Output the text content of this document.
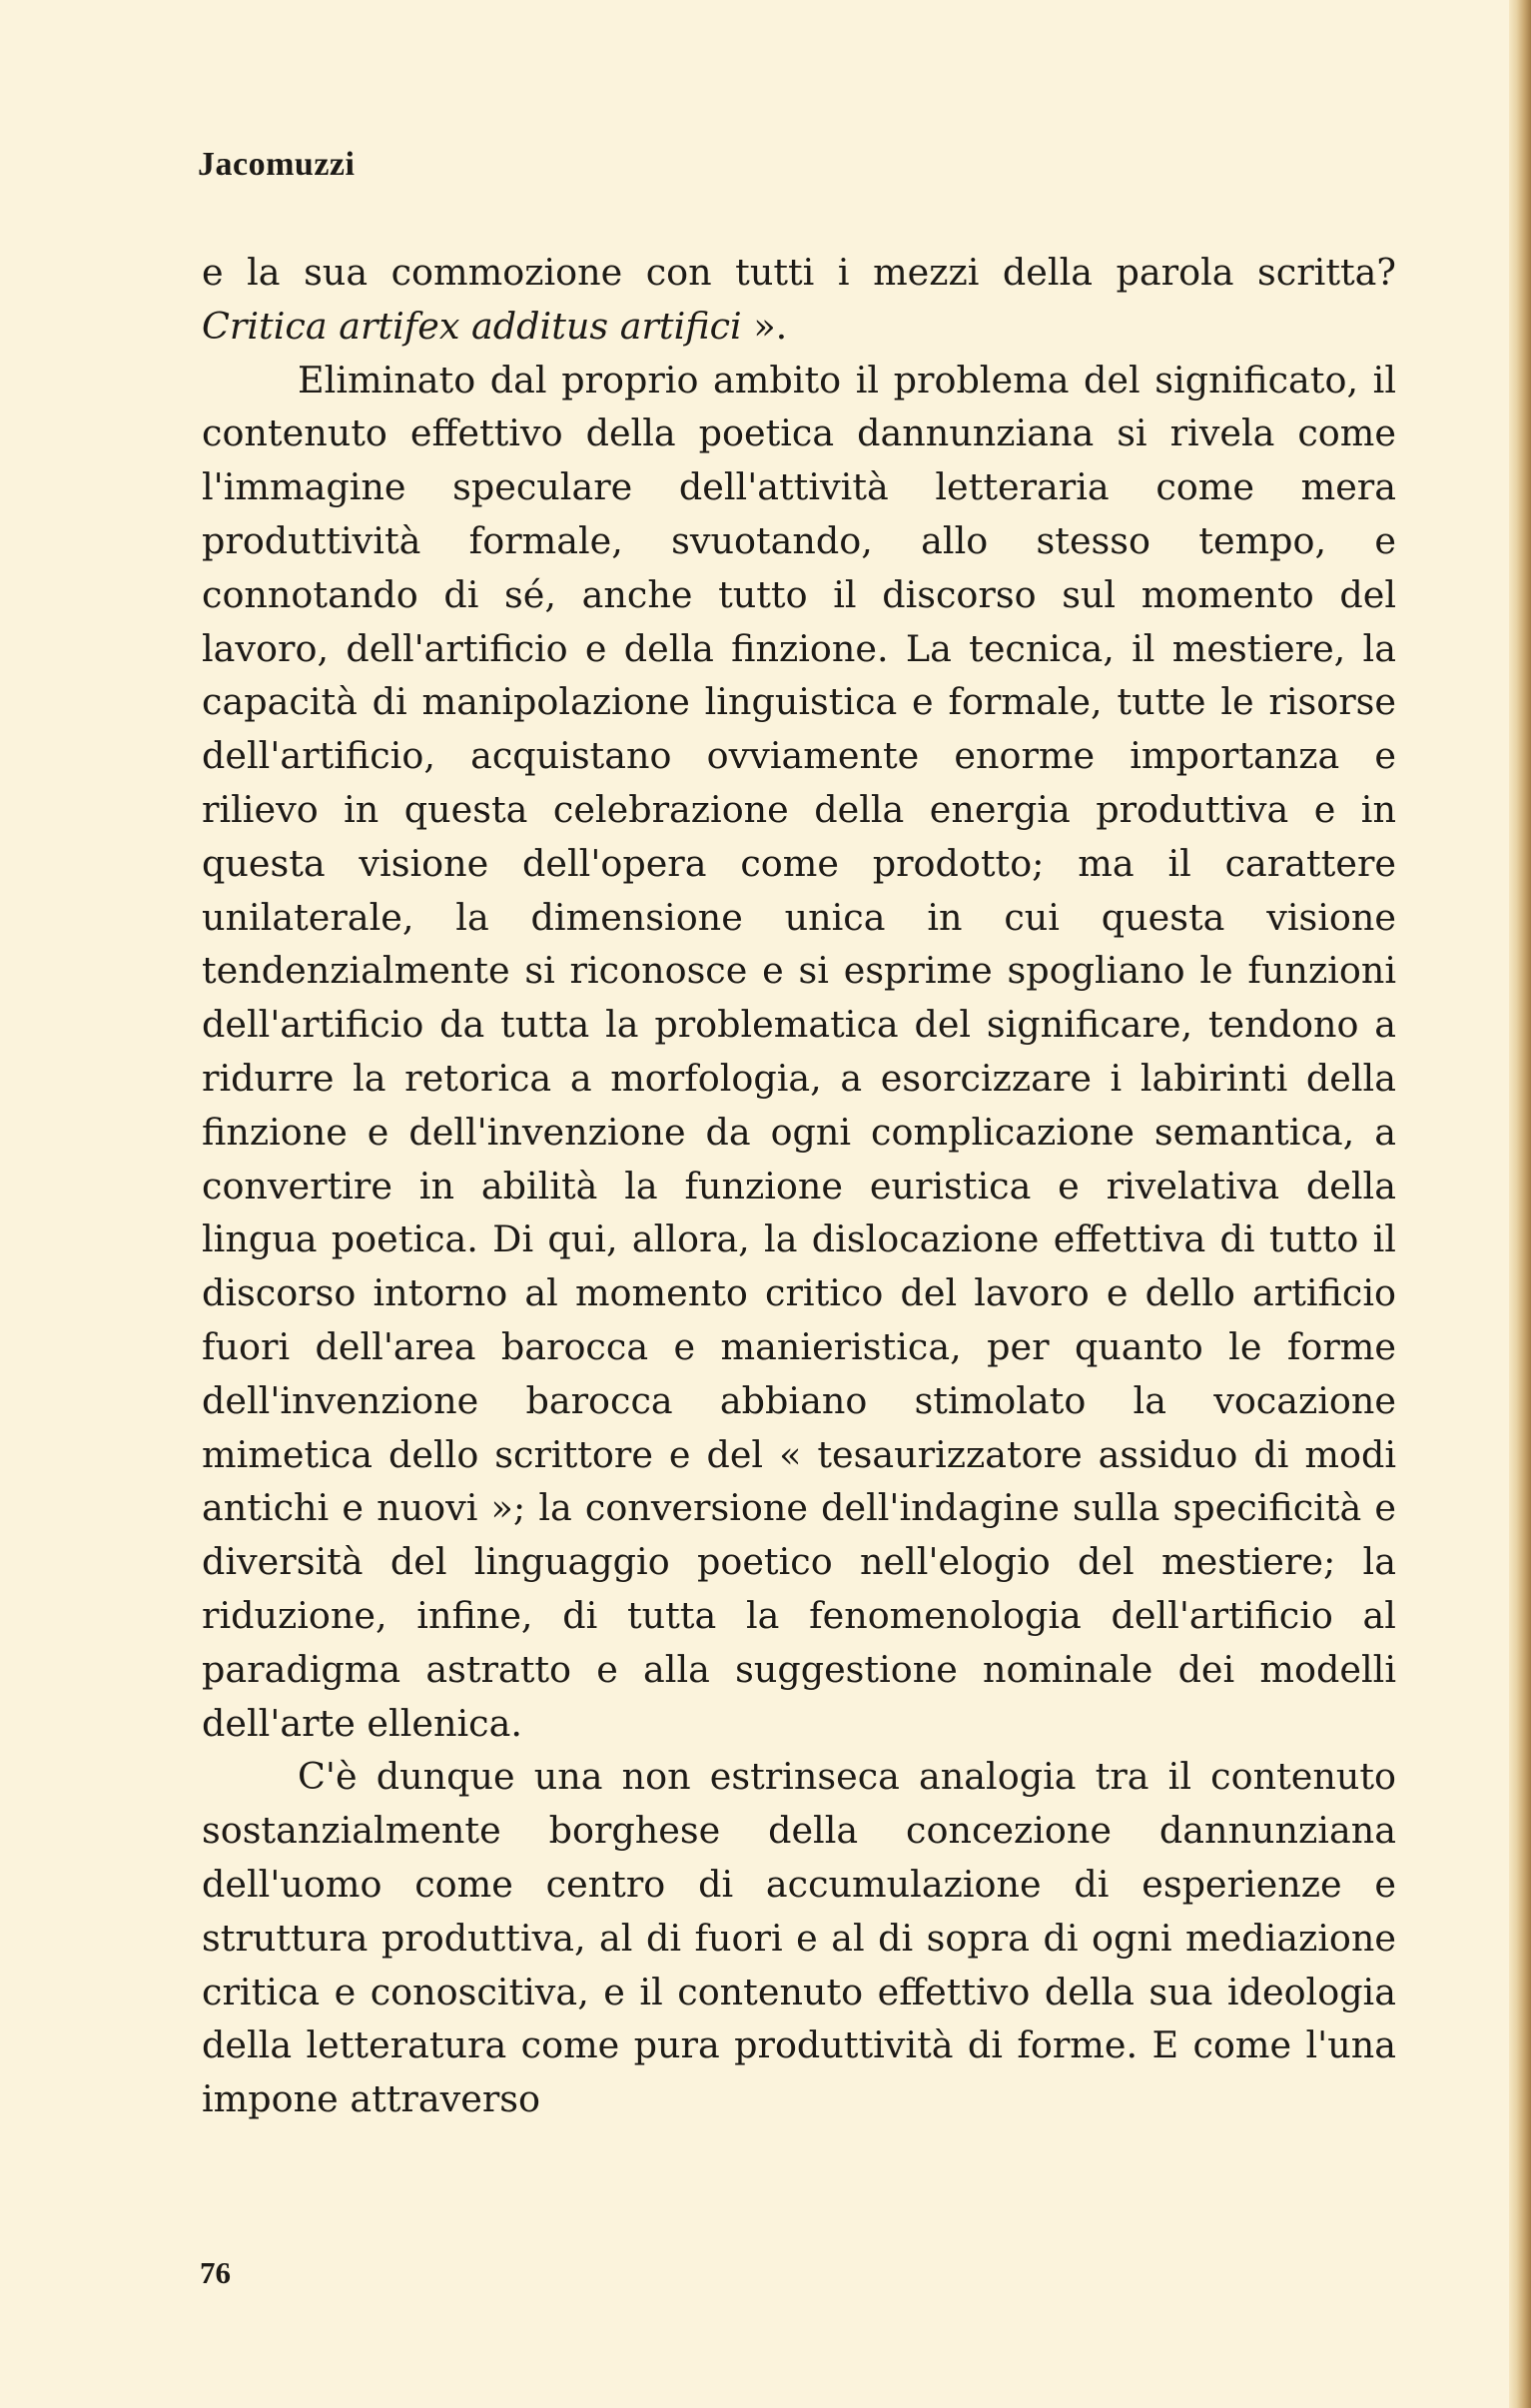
Jacomuzzi

e la sua commozione con tutti i mezzi della parola scritta? Critica artifex additus artifici ».

Eliminato dal proprio ambito il problema del significato, il contenuto effettivo della poetica dannunziana si rivela come l'immagine speculare dell'attività letteraria come mera produttività formale, svuotando, allo stesso tempo, e connotando di sé, anche tutto il discorso sul momento del lavoro, dell'artificio e della finzione. La tecnica, il mestiere, la capacità di manipolazione linguistica e formale, tutte le risorse dell'artificio, acquistano ovviamente enorme importanza e rilievo in questa celebrazione della energia produttiva e in questa visione dell'opera come prodotto; ma il carattere unilaterale, la dimensione unica in cui questa visione tendenzialmente si riconosce e si esprime spogliano le funzioni dell'artificio da tutta la problematica del significare, tendono a ridurre la retorica a morfologia, a esorcizzare i labirinti della finzione e dell'invenzione da ogni complicazione semantica, a convertire in abilità la funzione euristica e rivelativa della lingua poetica. Di qui, allora, la dislocazione effettiva di tutto il discorso intorno al momento critico del lavoro e dello artificio fuori dell'area barocca e manieristica, per quanto le forme dell'invenzione barocca abbiano stimolato la vocazione mimetica dello scrittore e del « tesaurizzatore assiduo di modi antichi e nuovi »; la conversione dell'indagine sulla specificità e diversità del linguaggio poetico nell'elogio del mestiere; la riduzione, infine, di tutta la fenomenologia dell'artificio al paradigma astratto e alla suggestione nominale dei modelli dell'arte ellenica.

C'è dunque una non estrinseca analogia tra il contenuto sostanzialmente borghese della concezione dannunziana dell'uomo come centro di accumulazione di esperienze e struttura produttiva, al di fuori e al di sopra di ogni mediazione critica e conoscitiva, e il contenuto effettivo della sua ideologia della letteratura come pura produttività di forme. E come l'una impone attraverso

76
